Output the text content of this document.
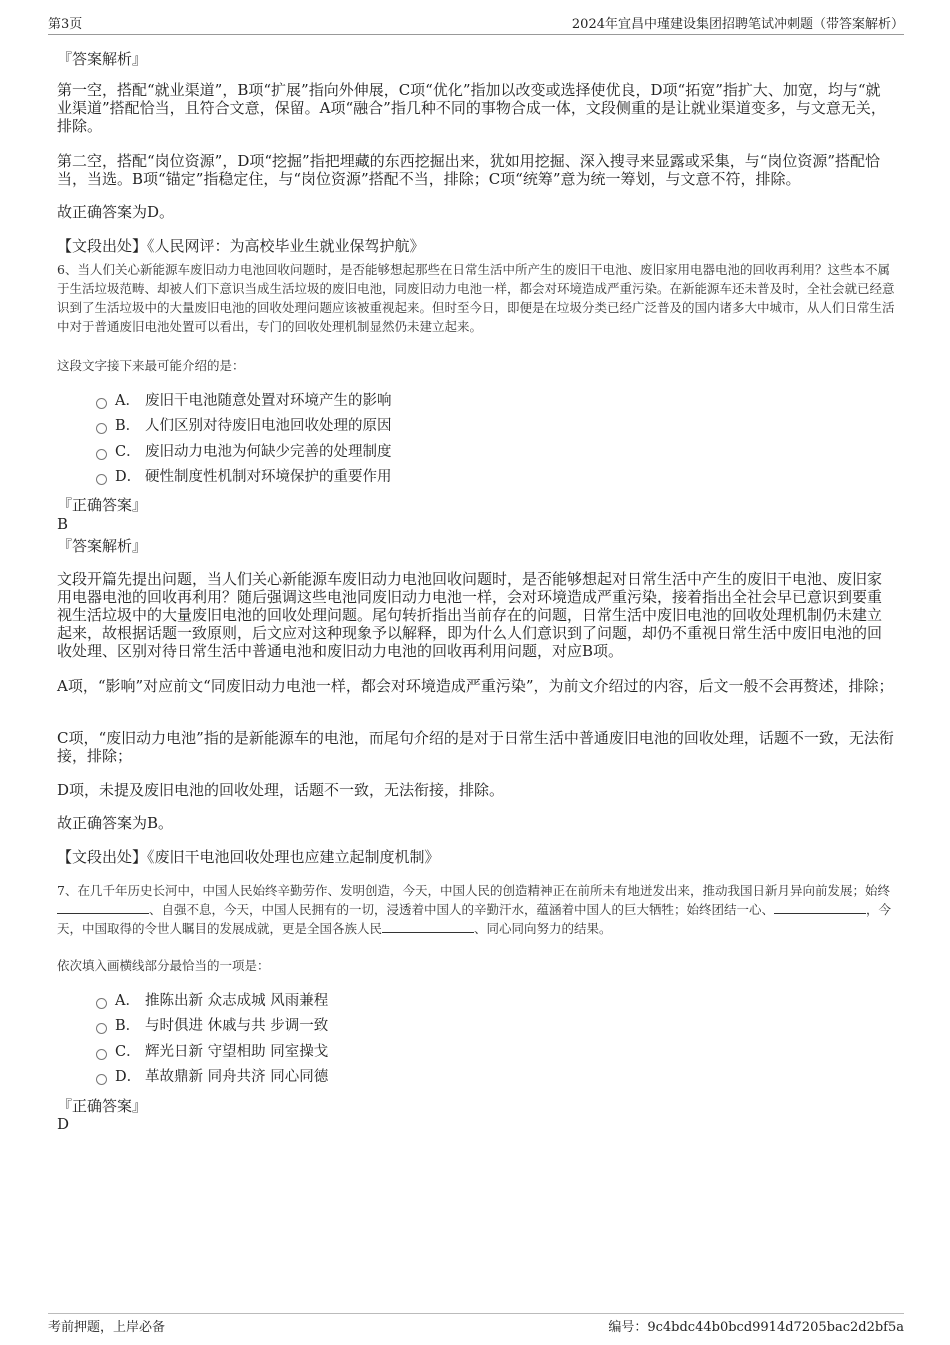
第3页	2024年宜昌中瑾建设集团招聘笔试冲刺题（带答案解析）

『答案解析』

第一空，搭配“就业渠道”，B项“扩展”指向外伸展，C项“优化”指加以改变或选择使优良，D项“拓宽”指扩大、加宽，均与“就业渠道”搭配恰当，且符合文意，保留。A项“融合”指几种不同的事物合成一体，文段侧重的是让就业渠道变多，与文意无关，排除。

第二空，搭配“岗位资源”，D项“挖掘”指把埋藏的东西挖掘出来，犹如用挖掘、深入搜寻来显露或采集，与“岗位资源”搭配恰当，当选。B项“锚定”指稳定住，与“岗位资源”搭配不当，排除；C项“统筹”意为统一筹划，与文意不符，排除。

故正确答案为D。

【文段出处】《人民网评：为高校毕业生就业保驾护航》

6、当人们关心新能源车废旧动力电池回收问题时，是否能够想起那些在日常生活中所产生的废旧干电池、废旧家用电器电池的回收再利用？这些本不属于生活垃圾范畴、却被人们下意识当成生活垃圾的废旧电池，同废旧动力电池一样，都会对环境造成严重污染。在新能源车还未普及时，全社会就已经意识到了生活垃圾中的大量废旧电池的回收处理问题应该被重视起来。但时至今日，即便是在垃圾分类已经广泛普及的国内诸多大中城市，从人们日常生活中对于普通废旧电池处置可以看出，专门的回收处理机制显然仍未建立起来。

这段文字接下来最可能介绍的是：

A． 废旧干电池随意处置对环境产生的影响
B． 人们区别对待废旧电池回收处理的原因
C． 废旧动力电池为何缺少完善的处理制度
D． 硬性制度性机制对环境保护的重要作用

『正确答案』

B

『答案解析』

文段开篇先提出问题，当人们关心新能源车废旧动力电池回收问题时，是否能够想起对日常生活中产生的废旧干电池、废旧家用电器电池的回收再利用？随后强调这些电池同废旧动力电池一样，会对环境造成严重污染，接着指出全社会早已意识到要重视生活垃圾中的大量废旧电池的回收处理问题。尾句转折指出当前存在的问题，日常生活中废旧电池的回收处理机制仍未建立起来，故根据话题一致原则，后文应对这种现象予以解释，即为什么人们意识到了问题，却仍不重视日常生活中废旧电池的回收处理、区别对待日常生活中普通电池和废旧动力电池的回收再利用问题，对应B项。

A项，“影响”对应前文“同废旧动力电池一样，都会对环境造成严重污染”，为前文介绍过的内容，后文一般不会再赘述，排除；

C项，“废旧动力电池”指的是新能源车的电池，而尾句介绍的是对于日常生活中普通废旧电池的回收处理，话题不一致，无法衔接，排除；

D项，未提及废旧电池的回收处理，话题不一致，无法衔接，排除。

故正确答案为B。

【文段出处】《废旧干电池回收处理也应建立起制度机制》

7、在几千年历史长河中，中国人民始终辛勤劳作、发明创造，今天，中国人民的创造精神正在前所未有地迸发出来，推动我国日新月异向前发展；始终、自强不息，今天，中国人民拥有的一切，浸透着中国人的辛勤汗水，蕴涵着中国人的巨大牺牲；始终团结一心、	，今天，中国取得的令世人瞩目的发展成就，更是全国各族人民	、同心同向努力的结果。

依次填入画横线部分最恰当的一项是：

A． 推陈出新 众志成城 风雨兼程
B． 与时俱进 休戚与共 步调一致
C． 辉光日新 守望相助 同室操戈
D． 革故鼎新 同舟共济 同心同德

『正确答案』

D

考前押题，上岸必备	编号：9c4bdc44b0bcd9914d7205bac2d2bf5a
